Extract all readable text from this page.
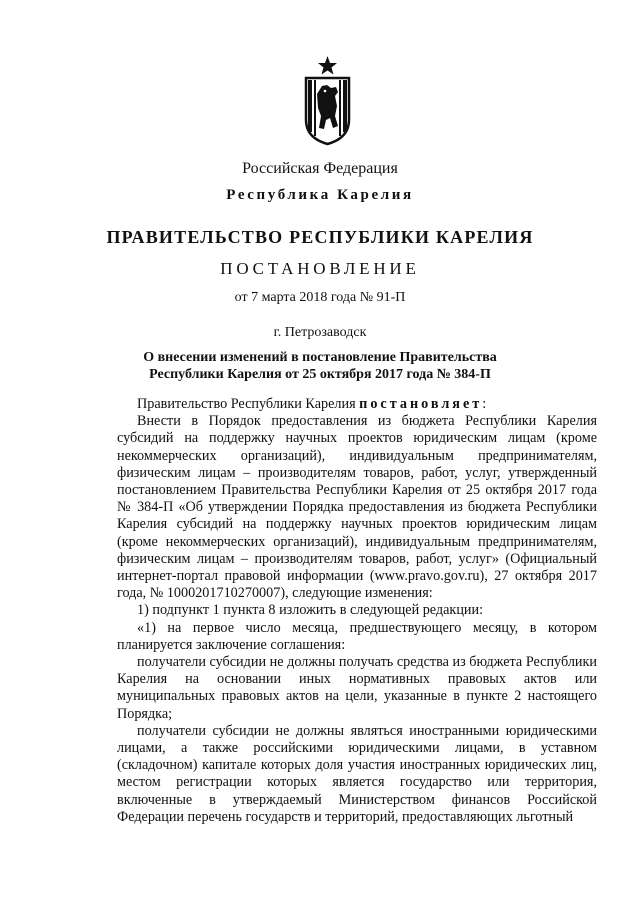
Российская Федерация

Республика Карелия

ПРАВИТЕЛЬСТВО РЕСПУБЛИКИ КАРЕЛИЯ

ПОСТАНОВЛЕНИЕ

от 7 марта 2018 года № 91-П

г. Петрозаводск

О внесении изменений в постановление Правительства
Республики Карелия от 25 октября 2017 года № 384-П

Правительство Республики Карелия постановляет:

Внести в Порядок предоставления из бюджета Республики Карелия субсидий на поддержку научных проектов юридическим лицам (кроме некоммерческих организаций), индивидуальным предпринимателям, физическим лицам – производителям товаров, работ, услуг, утвержденный постановлением Правительства Республики Карелия от 25 октября 2017 года № 384-П «Об утверждении Порядка предоставления из бюджета Республики Карелия субсидий на поддержку научных проектов юридическим лицам (кроме некоммерческих организаций), индивидуальным предпринимателям, физическим лицам – производителям товаров, работ, услуг» (Официальный интернет-портал правовой информации (www.pravo.gov.ru), 27 октября 2017 года, № 1000201710270007), следующие изменения:

1) подпункт 1 пункта 8 изложить в следующей редакции:

«1) на первое число месяца, предшествующего месяцу, в котором планируется заключение соглашения:

получатели субсидии не должны получать средства из бюджета Республики Карелия на основании иных нормативных правовых актов или муниципальных правовых актов на цели, указанные в пункте 2 настоящего Порядка;

получатели субсидии не должны являться иностранными юридическими лицами, а также российскими юридическими лицами, в уставном (складочном) капитале которых доля участия иностранных юридических лиц, местом регистрации которых является государство или территория, включенные в утверждаемый Министерством финансов Российской Федерации перечень государств и территорий, предоставляющих льготный
